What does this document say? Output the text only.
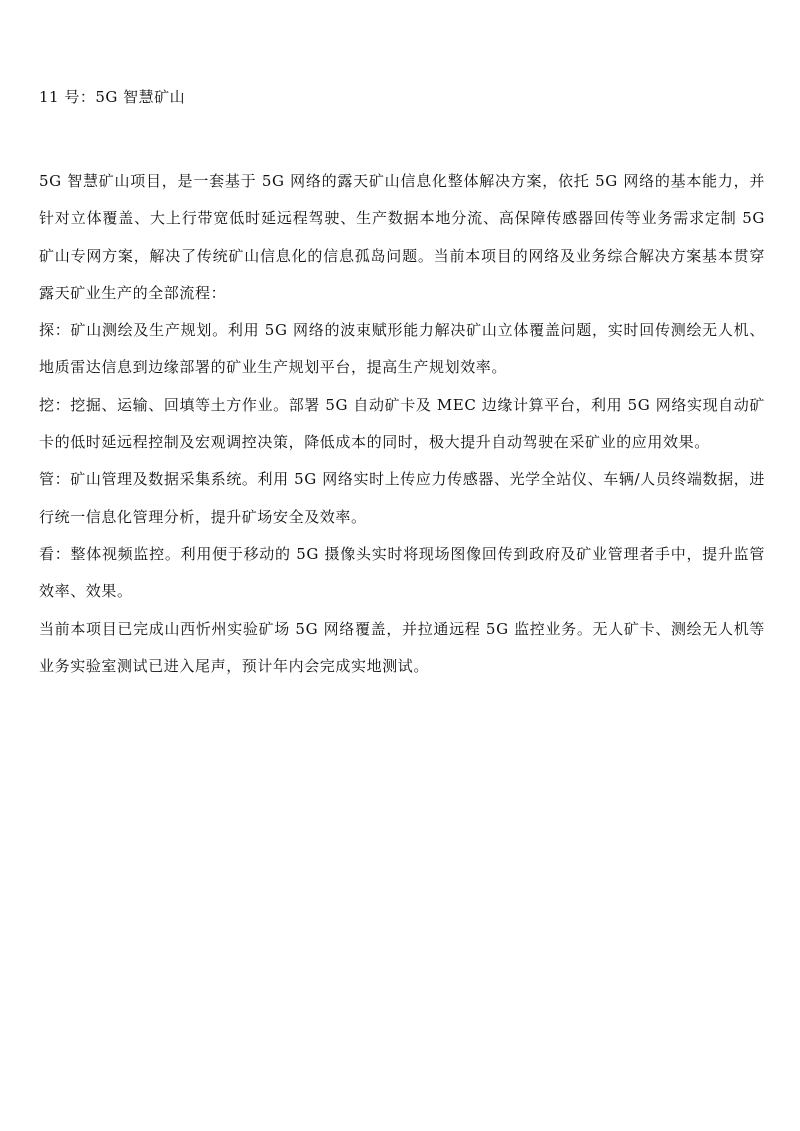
11 号：5G 智慧矿山

5G 智慧矿山项目，是一套基于 5G 网络的露天矿山信息化整体解决方案，依托 5G 网络的基本能力，并针对立体覆盖、大上行带宽低时延远程驾驶、生产数据本地分流、高保障传感器回传等业务需求定制 5G 矿山专网方案，解决了传统矿山信息化的信息孤岛问题。当前本项目的网络及业务综合解决方案基本贯穿露天矿业生产的全部流程：

探：矿山测绘及生产规划。利用 5G 网络的波束赋形能力解决矿山立体覆盖问题，实时回传测绘无人机、地质雷达信息到边缘部署的矿业生产规划平台，提高生产规划效率。

挖：挖掘、运输、回填等土方作业。部署 5G 自动矿卡及 MEC 边缘计算平台，利用 5G 网络实现自动矿卡的低时延远程控制及宏观调控决策，降低成本的同时，极大提升自动驾驶在采矿业的应用效果。

管：矿山管理及数据采集系统。利用 5G 网络实时上传应力传感器、光学全站仪、车辆/人员终端数据，进行统一信息化管理分析，提升矿场安全及效率。

看：整体视频监控。利用便于移动的 5G 摄像头实时将现场图像回传到政府及矿业管理者手中，提升监管效率、效果。

当前本项目已完成山西忻州实验矿场 5G 网络覆盖，并拉通远程 5G 监控业务。无人矿卡、测绘无人机等业务实验室测试已进入尾声，预计年内会完成实地测试。
